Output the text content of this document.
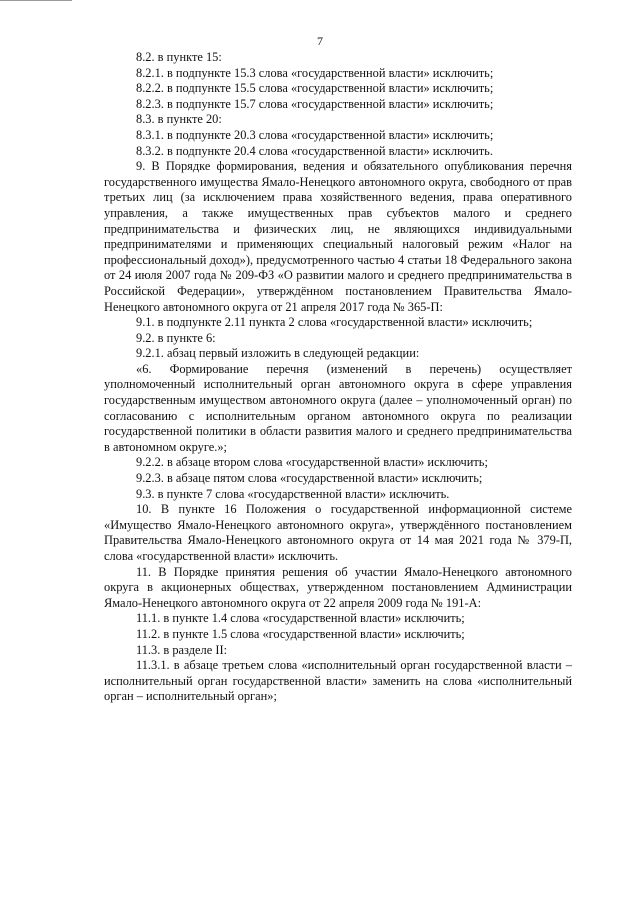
7

8.2. в пункте 15:

8.2.1. в подпункте 15.3 слова «государственной власти» исключить;

8.2.2. в подпункте 15.5 слова «государственной власти» исключить;

8.2.3. в подпункте 15.7 слова «государственной власти» исключить;

8.3. в пункте 20:

8.3.1. в подпункте 20.3 слова «государственной власти» исключить;

8.3.2. в подпункте 20.4 слова «государственной власти» исключить.

9. В Порядке формирования, ведения и обязательного опубликования перечня государственного имущества Ямало-Ненецкого автономного округа, свободного от прав третьих лиц (за исключением права хозяйственного ведения, права оперативного управления, а также имущественных прав субъектов малого и среднего предпринимательства и физических лиц, не являющихся индивидуальными предпринимателями и применяющих специальный налоговый режим «Налог на профессиональный доход»), предусмотренного частью 4 статьи 18 Федерального закона от 24 июля 2007 года № 209-ФЗ «О развитии малого и среднего предпринимательства в Российской Федерации», утверждённом постановлением Правительства Ямало-Ненецкого автономного округа от 21 апреля 2017 года № 365-П:

9.1. в подпункте 2.11 пункта 2 слова «государственной власти» исключить;

9.2. в пункте 6:

9.2.1. абзац первый изложить в следующей редакции:

«6. Формирование перечня (изменений в перечень) осуществляет уполномоченный исполнительный орган автономного округа в сфере управления государственным имуществом автономного округа (далее – уполномоченный орган) по согласованию с исполнительным органом автономного округа по реализации государственной политики в области развития малого и среднего предпринимательства в автономном округе.»;

9.2.2. в абзаце втором слова «государственной власти» исключить;

9.2.3. в абзаце пятом слова «государственной власти» исключить;

9.3. в пункте 7 слова «государственной власти» исключить.

10. В пункте 16 Положения о государственной информационной системе «Имущество Ямало-Ненецкого автономного округа», утверждённого постановлением Правительства Ямало-Ненецкого автономного округа от 14 мая 2021 года № 379-П, слова «государственной власти» исключить.

11. В Порядке принятия решения об участии Ямало-Ненецкого автономного округа в акционерных обществах, утвержденном постановлением Администрации Ямало-Ненецкого автономного округа от 22 апреля 2009 года № 191-А:

11.1. в пункте 1.4 слова «государственной власти» исключить;

11.2. в пункте 1.5 слова «государственной власти» исключить;

11.3. в разделе II:

11.3.1. в абзаце третьем слова «исполнительный орган государственной власти – исполнительный орган государственной власти» заменить на слова «исполнительный орган – исполнительный орган»;
